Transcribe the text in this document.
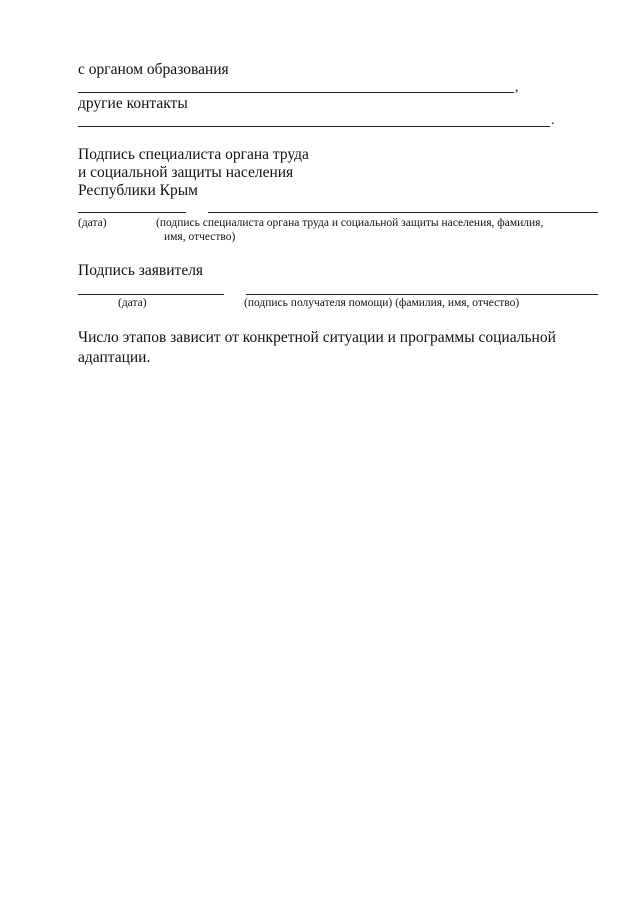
с органом образования
,
другие контакты
.
Подпись специалиста органа труда
и социальной защиты населения
Республики Крым
(дата)	(подпись специалиста органа труда и социальной защиты населения, фамилия,
имя, отчество)
Подпись заявителя
(дата)	(подпись получателя помощи) (фамилия, имя, отчество)
Число этапов зависит от конкретной ситуации и программы социальной
адаптации.
